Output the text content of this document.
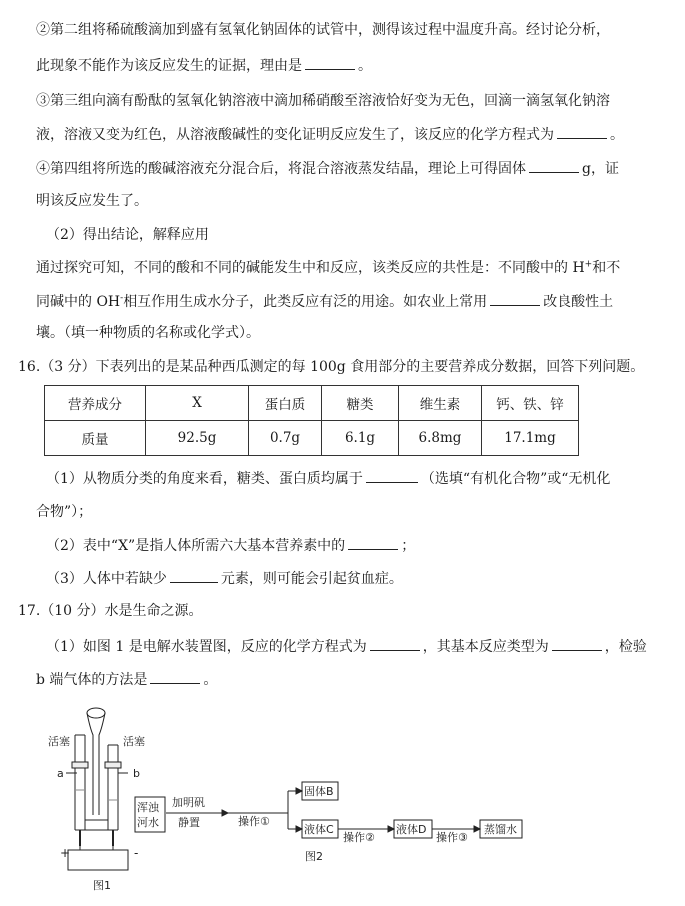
②第二组将稀硫酸滴加到盛有氢氧化钠固体的试管中，测得该过程中温度升高。经讨论分析，
此现象不能作为该反应发生的证据，理由是	。
③第三组向滴有酚酞的氢氧化钠溶液中滴加稀硝酸至溶液恰好变为无色，回滴一滴氢氧化钠溶
液，溶液又变为红色，从溶液酸碱性的变化证明反应发生了，该反应的化学方程式为	。
④第四组将所选的酸碱溶液充分混合后，将混合溶液蒸发结晶，理论上可得固体	g，证
明该反应发生了。
（2）得出结论，解释应用
通过探究可知，不同的酸和不同的碱能发生中和反应，该类反应的共性是：不同酸中的 H+和不
同碱中的 OH-相互作用生成水分子，此类反应有泛的用途。如农业上常用	改良酸性土
壤。（填一种物质的名称或化学式）。
16.（3 分）下表列出的是某品种西瓜测定的每 100g 食用部分的主要营养成分数据，回答下列问题。
营养成分	X	蛋白质	糖类	维生素	钙、铁、锌
质量	92.5g	0.7g	6.1g	6.8mg	17.1mg
（1）从物质分类的角度来看，糖类、蛋白质均属于	（选填“有机化合物”或“无机化
合物”）；
（2）表中“X”是指人体所需六大基本营养素中的	；
（3）人体中若缺少	元素，则可能会引起贫血症。
17.（10 分）水是生命之源。
（1）如图 1 是电解水装置图，反应的化学方程式为	，其基本反应类型为	，检验
b 端气体的方法是	。
活塞	活塞
a	b
+	-
图1
浑浊
河水
加明矾
静置	操作①
固体B
液体C
操作②
液体D
操作③
蒸馏水
图2
